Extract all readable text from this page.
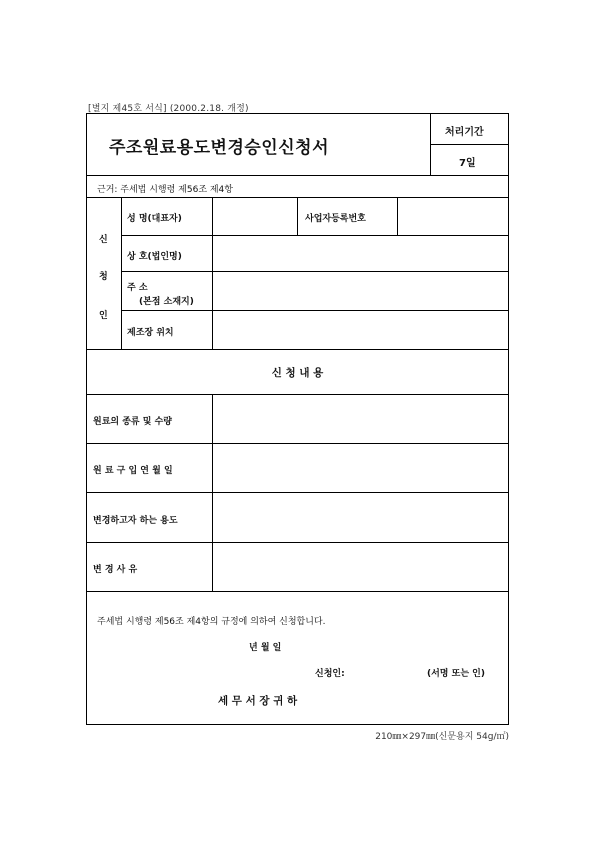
[별지 제45호 서식] (2000.2.18. 개정)
주조원료용도변경승인신청서
처리기간
7일
근거: 주세법 시행령 제56조 제4항
신
청
인
성 명(대표자)	사업자등록번호
상 호(법인명)
주 소
(본점 소재지)
제조장 위치
신 청 내 용
원료의 종류 및 수량
원 료 구 입 연 월 일
변경하고자 하는 용도
변 경 사 유
주세법 시행령 제56조 제4항의 규정에 의하여 신청합니다.
년 월 일
신청인:	(서명 또는 인)
세 무 서 장 귀 하
210㎜×297㎜(신문용지 54g/㎡)
